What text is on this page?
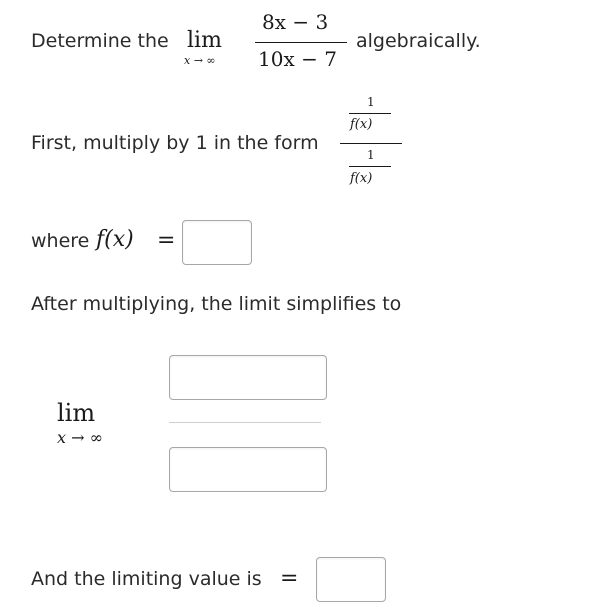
Determine the lim
x → ∞
8x − 3
10x − 7
algebraically.
First, multiply by 1 in the form
1
f(x)
1
f(x)
where f(x) =
After multiplying, the limit simplifies to
lim
x → ∞
And the limiting value is =
